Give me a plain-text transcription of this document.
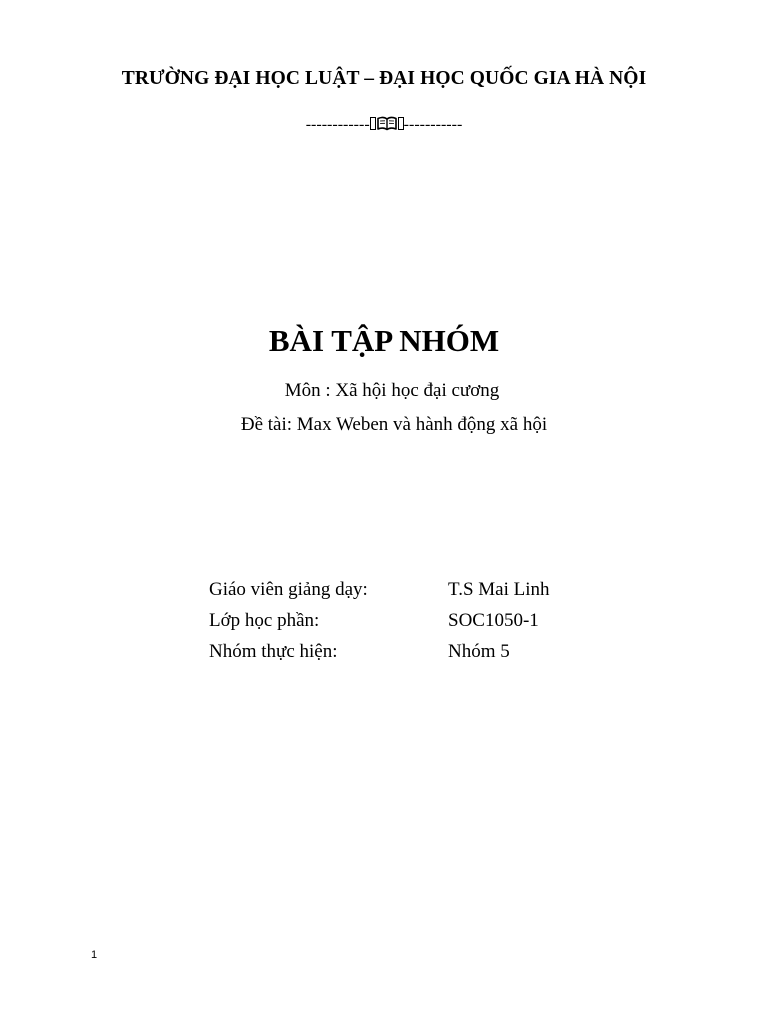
TRƯỜNG ĐẠI HỌC LUẬT – ĐẠI HỌC QUỐC GIA HÀ NỘI
------------ -----------
BÀI TẬP NHÓM
Môn : Xã hội học đại cương
Đề tài: Max Weben và hành động xã hội
Giáo viên giảng dạy:	T.S Mai Linh
Lớp học phần:	SOC1050-1
Nhóm thực hiện:	Nhóm 5
1
